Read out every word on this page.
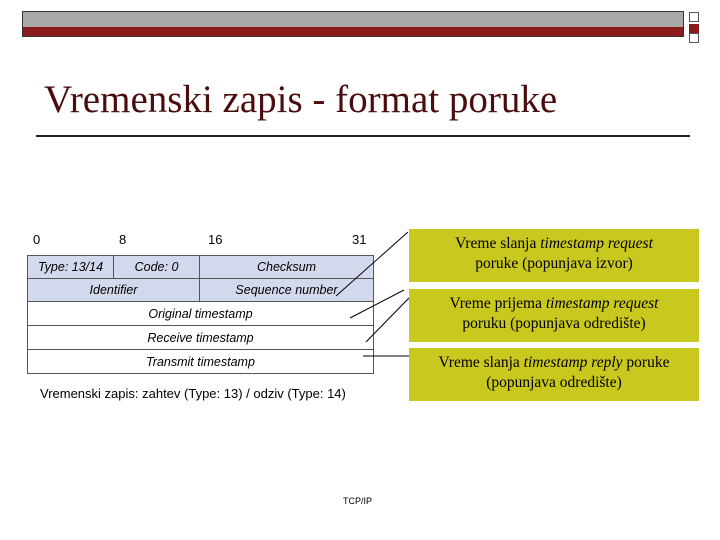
Vremenski zapis - format poruke
0	8	16	31
Type: 13/14	Code: 0	Checksum
Identifier	Sequence number
Original timestamp
Receive timestamp
Transmit timestamp
Vremenski zapis: zahtev (Type: 13) / odziv (Type: 14)
Vreme slanja timestamp request
poruke (popunjava izvor)
Vreme prijema timestamp request
poruku (popunjava odredište)
Vreme slanja timestamp reply poruke (popunjava odredište)
TCP/IP
